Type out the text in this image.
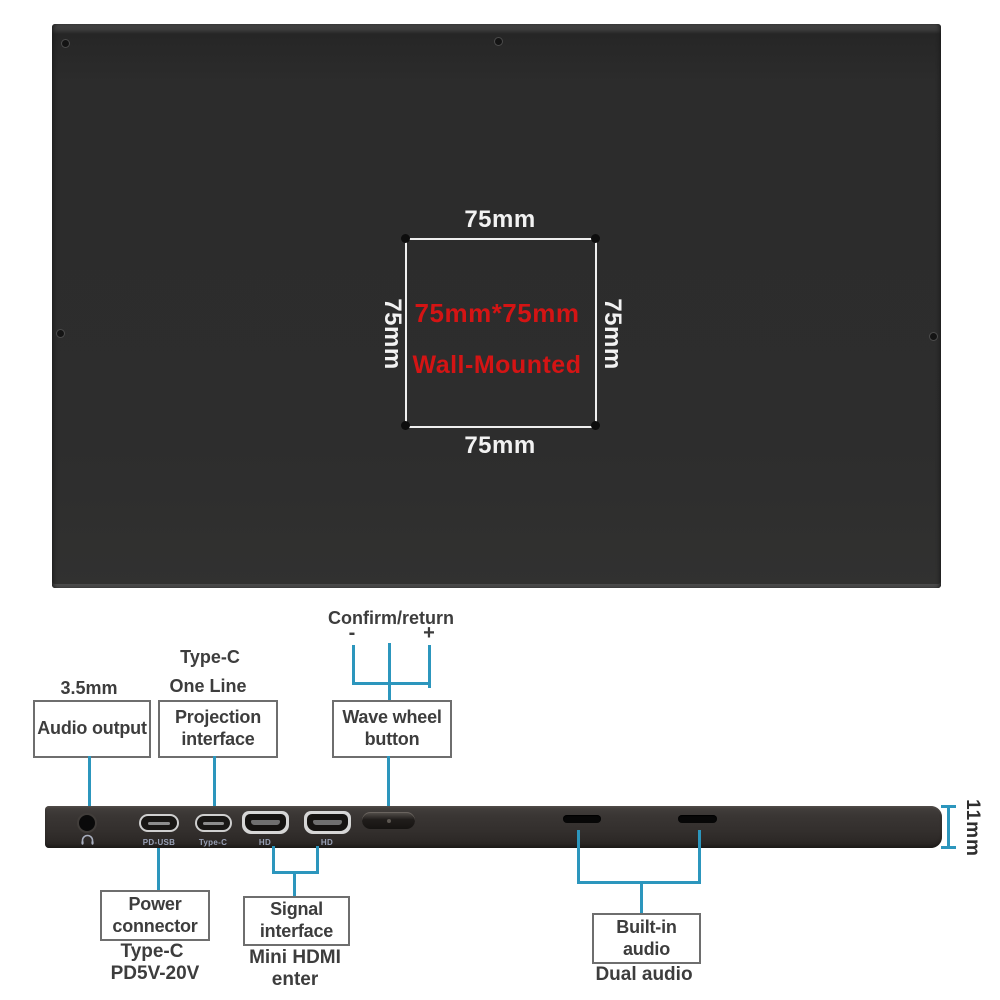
75mm
75mm
75mm	75mm
75mm*75mm
Wall-Mounted
3.5mm
Type-C
One Line
Confirm/return
-	+
Audio output
Projection
interface
Wave wheel
button
PD-USB	Type-C	HD	HD	11mm
Power
connector
Signal
interface	Built-in
audio
Type-C
PD5V-20V
Mini HDMI
enter	Dual audio
